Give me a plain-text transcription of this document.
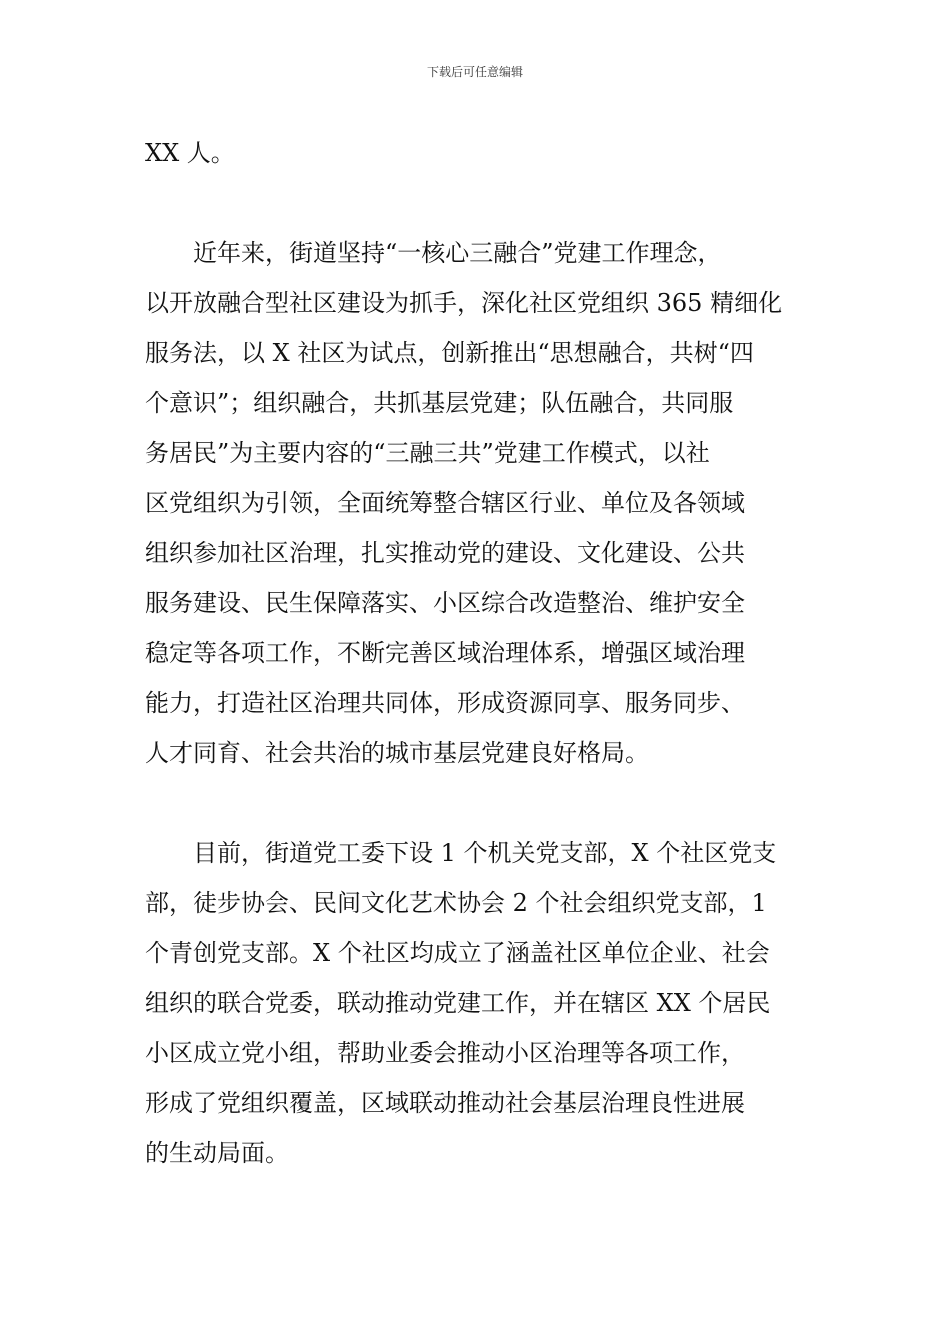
下载后可任意编辑
XX 人。
　　近年来，街道坚持“一核心三融合”党建工作理念，
以开放融合型社区建设为抓手，深化社区党组织 365 精细化
服务法，以 X 社区为试点，创新推出“思想融合，共树“四
个意识”；组织融合，共抓基层党建；队伍融合，共同服
务居民”为主要内容的“三融三共”党建工作模式，以社
区党组织为引领，全面统筹整合辖区行业、单位及各领域
组织参加社区治理，扎实推动党的建设、文化建设、公共
服务建设、民生保障落实、小区综合改造整治、维护安全
稳定等各项工作，不断完善区域治理体系，增强区域治理
能力，打造社区治理共同体，形成资源同享、服务同步、
人才同育、社会共治的城市基层党建良好格局。
　　目前，街道党工委下设 1 个机关党支部，X 个社区党支
部，徒步协会、民间文化艺术协会 2 个社会组织党支部，1
个青创党支部。X 个社区均成立了涵盖社区单位企业、社会
组织的联合党委，联动推动党建工作，并在辖区 XX 个居民
小区成立党小组，帮助业委会推动小区治理等各项工作，
形成了党组织覆盖，区域联动推动社会基层治理良性进展
的生动局面。
